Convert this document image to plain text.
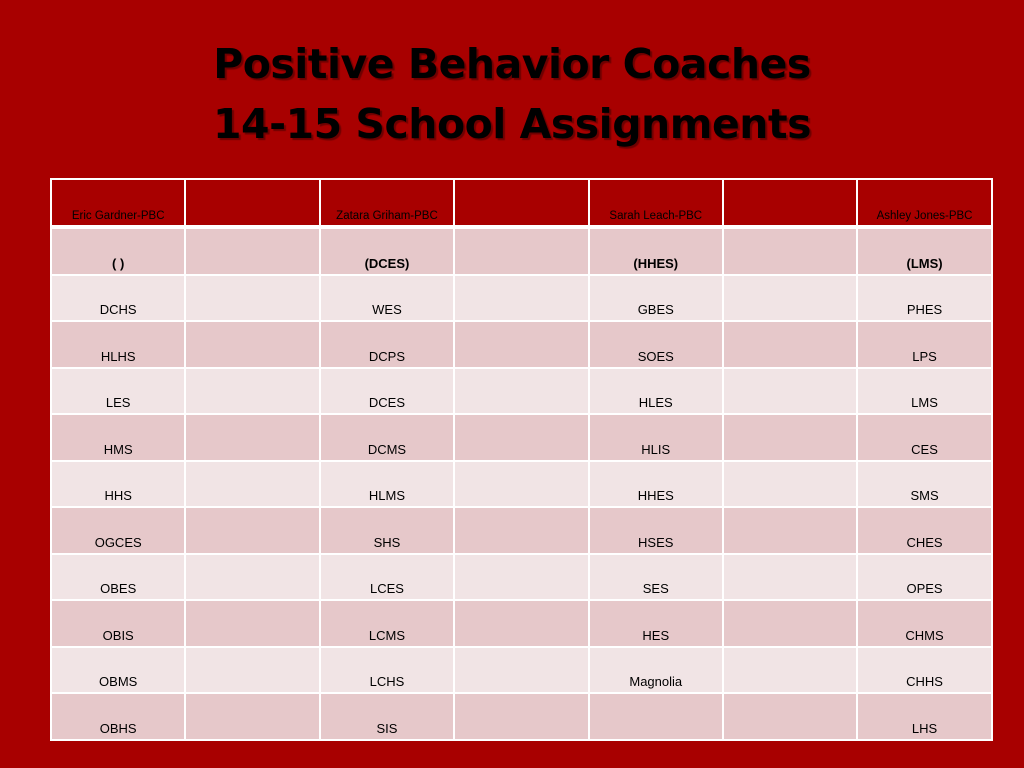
Positive Behavior Coaches
14-15 School Assignments
Eric Gardner-PBC		Zatara Griham-PBC		Sarah Leach-PBC		Ashley Jones-PBC
( )		(DCES)		(HHES)		(LMS)
DCHS		WES		GBES		PHES
HLHS		DCPS		SOES		LPS
LES		DCES		HLES		LMS
HMS		DCMS		HLIS		CES
HHS		HLMS		HHES		SMS
OGCES		SHS		HSES		CHES
OBES		LCES		SES		OPES
OBIS		LCMS		HES		CHMS
OBMS		LCHS		Magnolia		CHHS
OBHS		SIS				LHS
